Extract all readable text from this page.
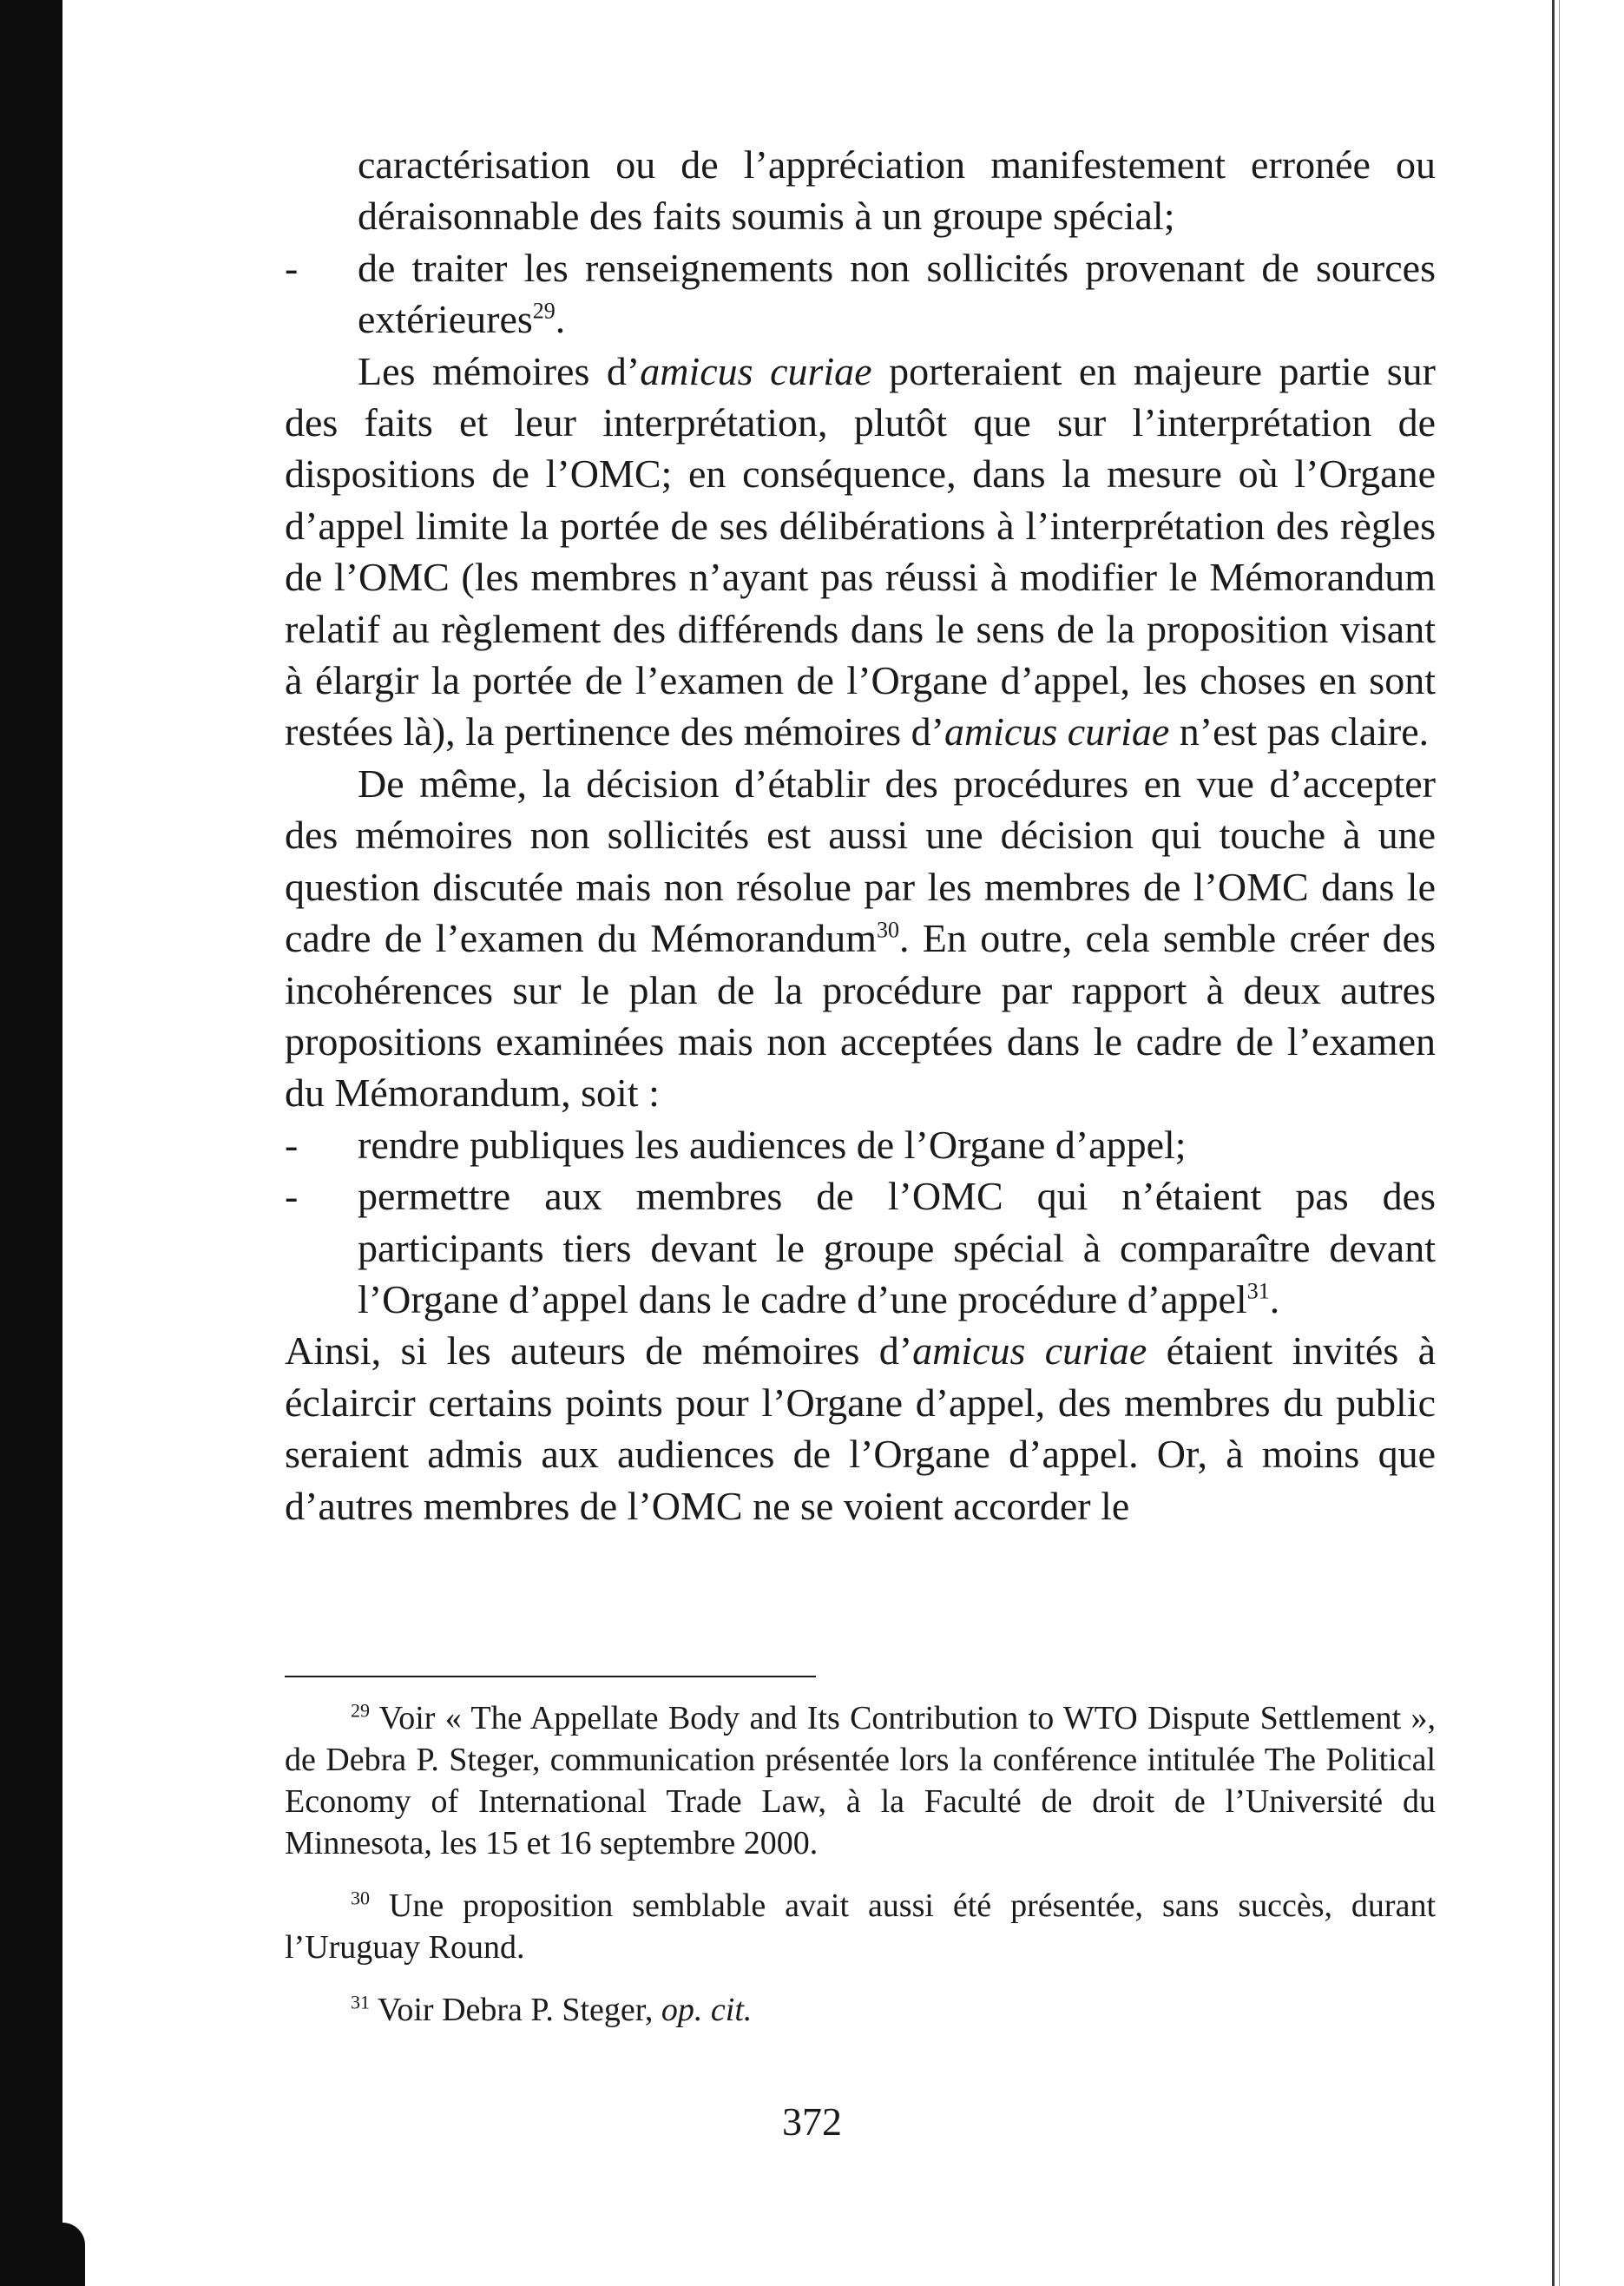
caractérisation ou de l’appréciation manifestement erronée ou déraisonnable des faits soumis à un groupe spécial;

- de traiter les renseignements non sollicités provenant de sources extérieures$^{29}$.

Les mémoires d’amicus curiae porteraient en majeure partie sur des faits et leur interprétation, plutôt que sur l’interprétation de dispositions de l’OMC; en conséquence, dans la mesure où l’Organe d’appel limite la portée de ses délibérations à l’interprétation des règles de l’OMC (les membres n’ayant pas réussi à modifier le Mémorandum relatif au règlement des différends dans le sens de la proposition visant à élargir la portée de l’examen de l’Organe d’appel, les choses en sont restées là), la pertinence des mémoires d’amicus curiae n’est pas claire.

De même, la décision d’établir des procédures en vue d’accepter des mémoires non sollicités est aussi une décision qui touche à une question discutée mais non résolue par les membres de l’OMC dans le cadre de l’examen du Mémorandum$^{30}$. En outre, cela semble créer des incohérences sur le plan de la procédure par rapport à deux autres propositions examinées mais non acceptées dans le cadre de l’examen du Mémorandum, soit :

- rendre publiques les audiences de l’Organe d’appel;

- permettre aux membres de l’OMC qui n’étaient pas des participants tiers devant le groupe spécial à comparaître devant l’Organe d’appel dans le cadre d’une procédure d’appel$^{31}$.

Ainsi, si les auteurs de mémoires d’amicus curiae étaient invités à éclaircir certains points pour l’Organe d’appel, des membres du public seraient admis aux audiences de l’Organe d’appel. Or, à moins que d’autres membres de l’OMC ne se voient accorder le

$^{29}$ Voir « The Appellate Body and Its Contribution to WTO Dispute Settlement », de Debra P. Steger, communication présentée lors la conférence intitulée The Political Economy of International Trade Law, à la Faculté de droit de l’Université du Minnesota, les 15 et 16 septembre 2000.

$^{30}$ Une proposition semblable avait aussi été présentée, sans succès, durant l’Uruguay Round.

$^{31}$ Voir Debra P. Steger, op. cit.

372
